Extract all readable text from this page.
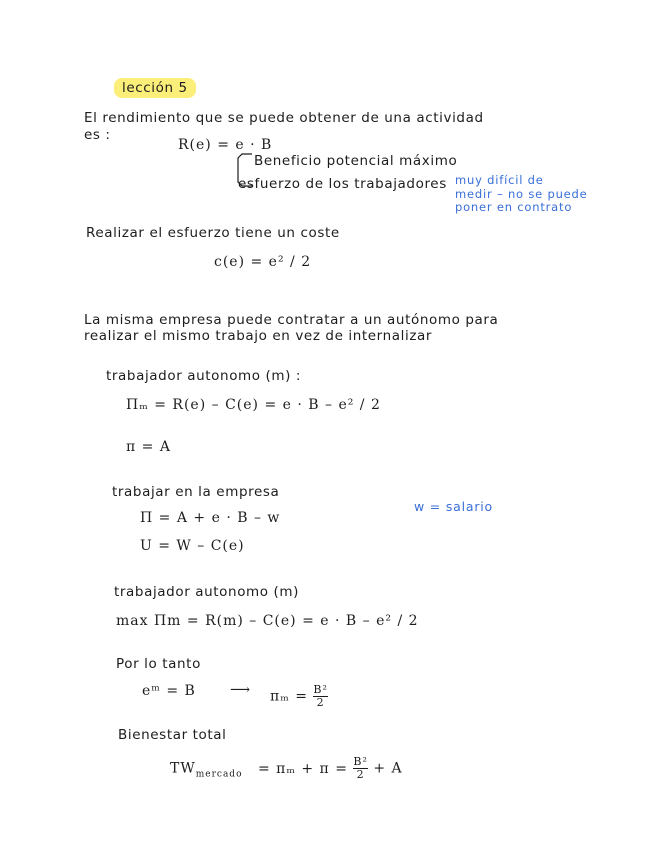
lección 5
El rendimiento que se puede obtener de una actividad
es :
R(e) = e · B
Beneficio potencial máximo
esfuerzo de los trabajadores muy difícil de
medir – no se puede
poner en contrato
Realizar el esfuerzo tiene un coste
c(e) = e² / 2
La misma empresa puede contratar a un autónomo para
realizar el mismo trabajo en vez de internalizar
trabajador autonomo (m) :
Πₘ = R(e) – C(e) = e · B – e² / 2
π = A
trabajar en la empresa
w = salario
Π = A + e · B – w
U = W – C(e)
trabajador autonomo (m)
max Πm = R(m) – C(e) = e · B – e² / 2
Por lo tanto
eᵐ = B ⟶ $\pi_m = \frac{\text{B²}}{2}$
Bienestar total
$TW_{mercado} = \pi_m + \pi = \frac{\text{B²}}{2} + A$
